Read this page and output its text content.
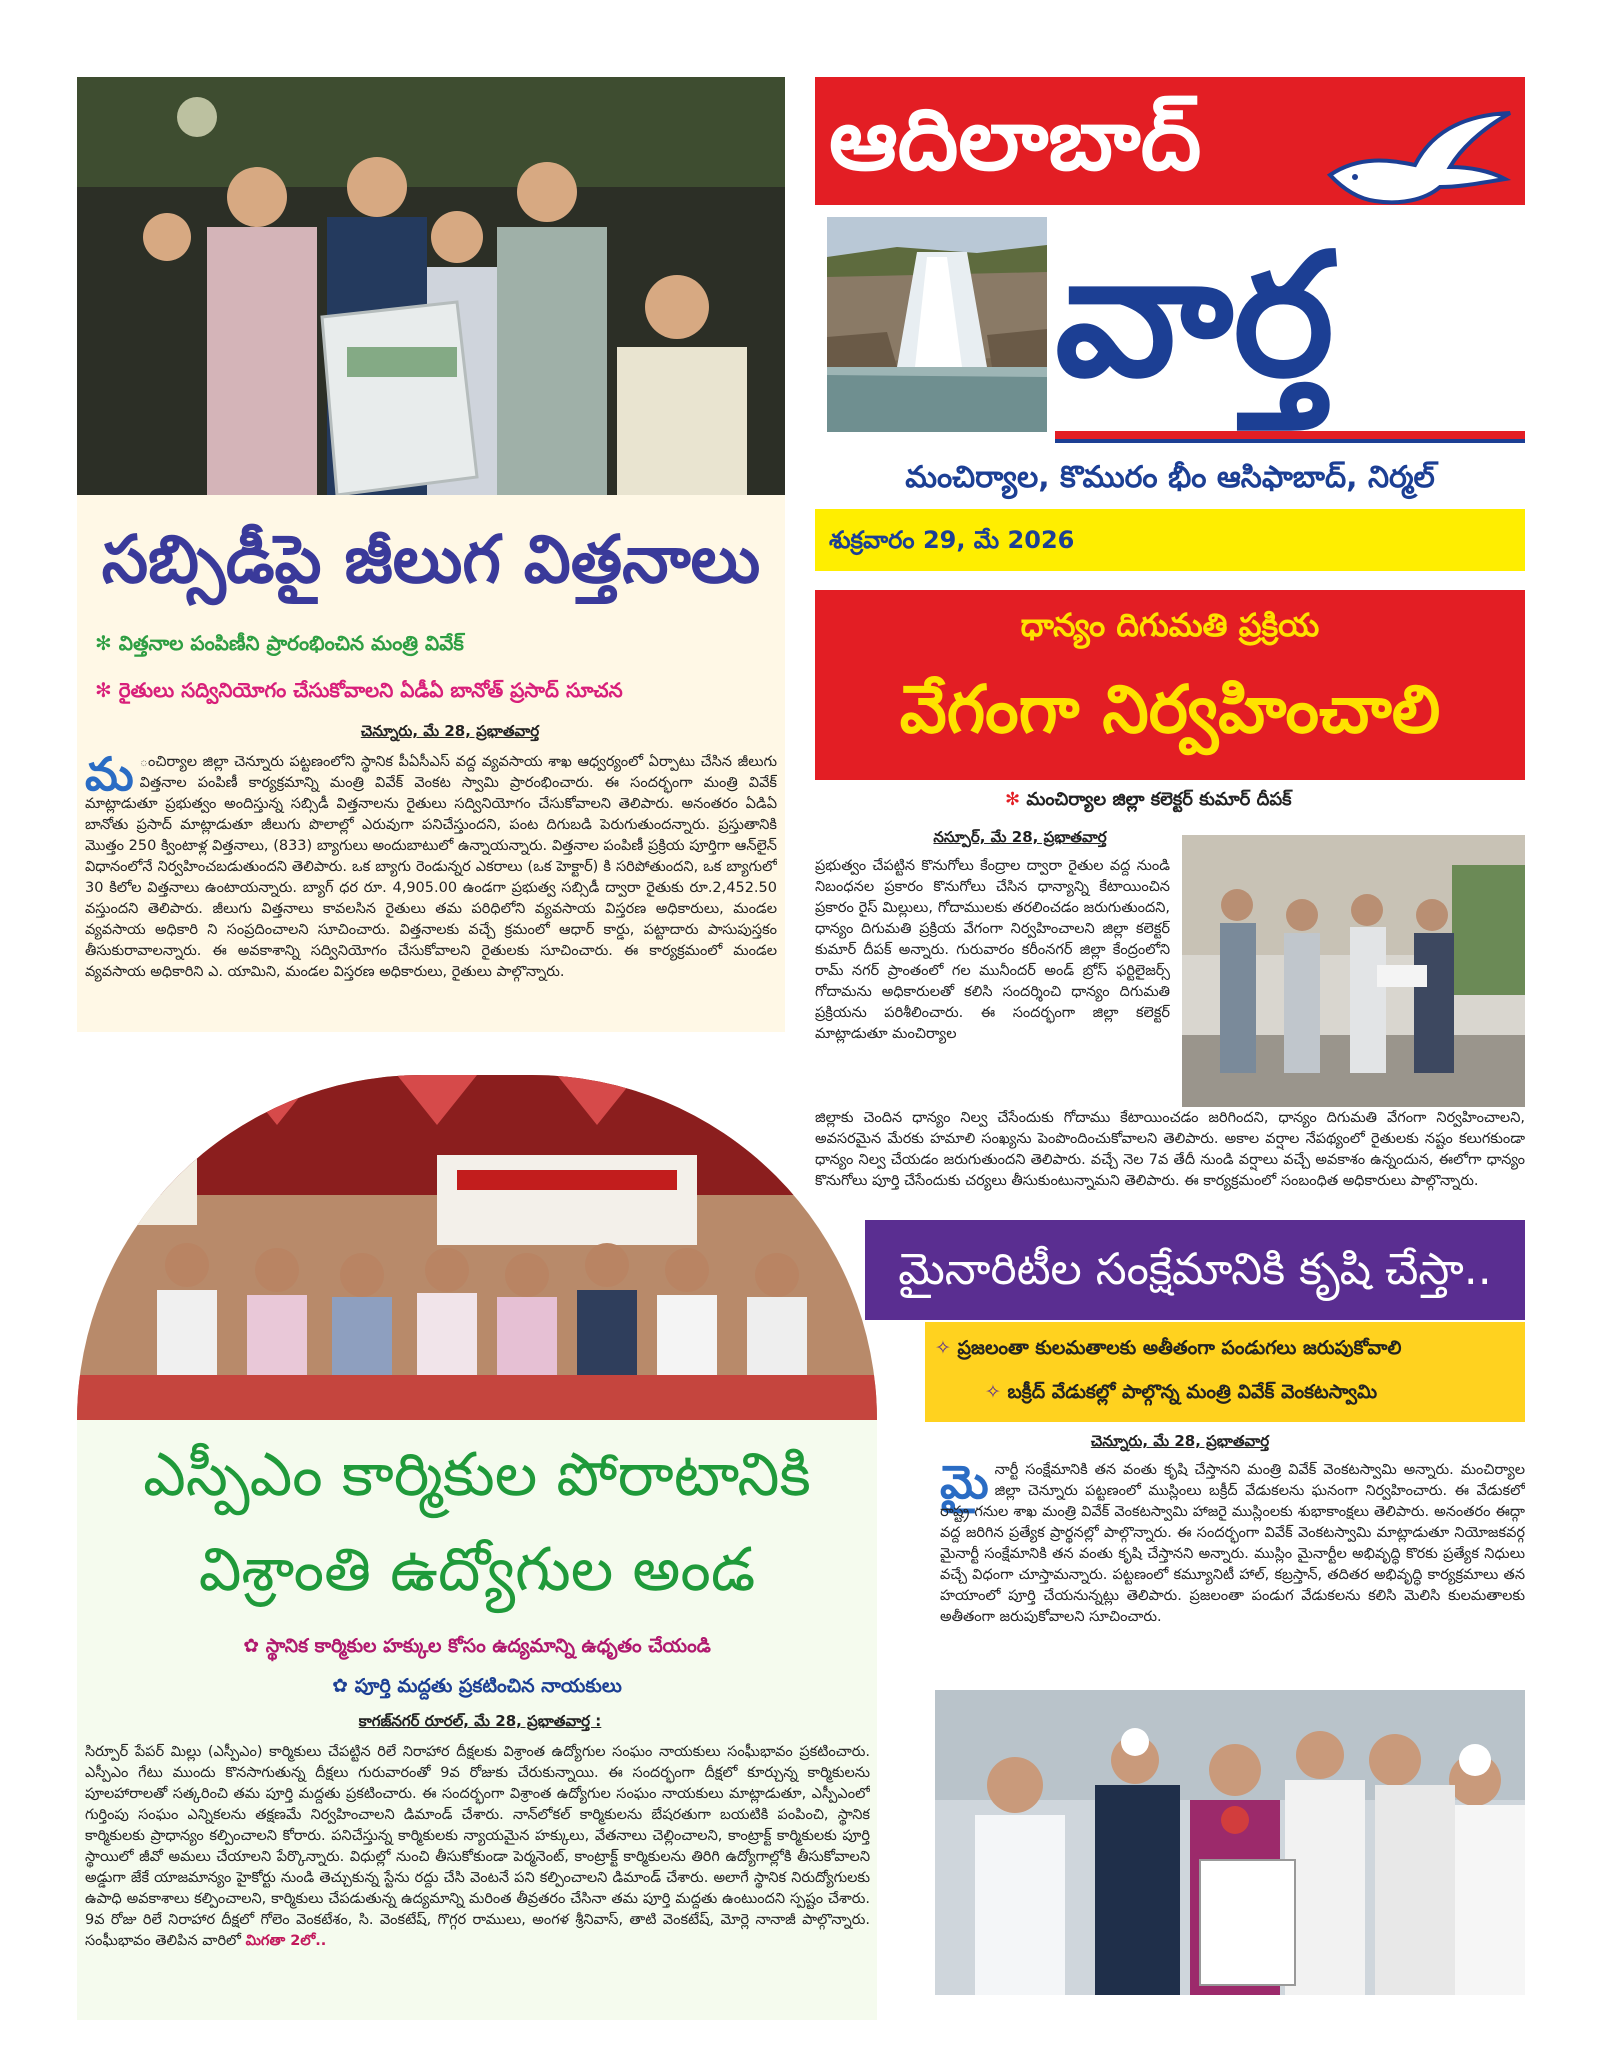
ఆదిలాబాద్
వార్త
మంచిర్యాల, కొమురం భీం ఆసిఫాబాద్, నిర్మల్
శుక్రవారం 29, మే 2026
సబ్సిడీపై జీలుగ విత్తనాలు
✻ విత్తనాల పంపిణీని ప్రారంభించిన మంత్రి వివేక్
✻ రైతులు సద్వినియోగం చేసుకోవాలని ఏడీఏ బానోత్ ప్రసాద్ సూచన
చెన్నూరు, మే 28, ప్రభాతవార్త

మ ంచిర్యాల జిల్లా చెన్నూరు పట్టణంలోని స్థానిక పీఏసీఎస్ వద్ద వ్యవసాయ శాఖ ఆధ్వర్యంలో ఏర్పాటు చేసిన జీలుగు విత్తనాల పంపిణీ కార్యక్రమాన్ని మంత్రి వివేక్ వెంకట స్వామి ప్రారంభించారు. ఈ సందర్భంగా మంత్రి వివేక్ మాట్లాడుతూ ప్రభుత్వం అందిస్తున్న సబ్సిడీ విత్తనాలను రైతులు సద్వినియోగం చేసుకోవాలని తెలిపారు. అనంతరం ఏడిఏ బానోతు ప్రసాద్ మాట్లాడుతూ జీలుగు పొలాల్లో ఎరువుగా పనిచేస్తుందని, పంట దిగుబడి పెరుగుతుందన్నారు. ప్రస్తుతానికి మొత్తం 250 క్వింటాళ్ల విత్తనాలు, (833) బ్యాగులు అందుబాటులో ఉన్నాయన్నారు. విత్తనాల పంపిణీ ప్రక్రియ పూర్తిగా ఆన్‌లైన్ విధానంలోనే నిర్వహించబడుతుందని తెలిపారు. ఒక బ్యాగు రెండున్నర ఎకరాలు (ఒక హెక్టార్) కి సరిపోతుందని, ఒక బ్యాగులో 30 కిలోల విత్తనాలు ఉంటాయన్నారు. బ్యాగ్ ధర రూ. 4,905.00 ఉండగా ప్రభుత్వ సబ్సిడీ ద్వారా రైతుకు రూ.2,452.50 వస్తుందని తెలిపారు. జీలుగు విత్తనాలు కావలసిన రైతులు తమ పరిధిలోని వ్యవసాయ విస్తరణ అధికారులు, మండల వ్యవసాయ అధికారి ని సంప్రదించాలని సూచించారు. విత్తనాలకు వచ్చే క్రమంలో ఆధార్ కార్డు, పట్టాదారు పాసుపుస్తకం తీసుకురావాలన్నారు. ఈ అవకాశాన్ని సద్వినియోగం చేసుకోవాలని రైతులకు సూచించారు. ఈ కార్యక్రమంలో మండల వ్యవసాయ అధికారిని ఎ. యామిని, మండల విస్తరణ అధికారులు, రైతులు పాల్గొన్నారు.

ధాన్యం దిగుమతి ప్రక్రియ
వేగంగా నిర్వహించాలి
✻ మంచిర్యాల జిల్లా కలెక్టర్ కుమార్ దీపక్
నస్పూర్, మే 28, ప్రభాతవార్త

ప్రభుత్వం చేపట్టిన కొనుగోలు కేంద్రాల ద్వారా రైతుల వద్ద నుండి నిబంధనల ప్రకారం కొనుగోలు చేసిన ధాన్యాన్ని కేటాయించిన ప్రకారం రైస్ మిల్లులు, గోదాములకు తరలించడం జరుగుతుందని, ధాన్యం దిగుమతి ప్రక్రియ వేగంగా నిర్వహించాలని జిల్లా కలెక్టర్ కుమార్ దీపక్ అన్నారు. గురువారం కరీంనగర్ జిల్లా కేంద్రంలోని రామ్ నగర్ ప్రాంతంలో గల మునీందర్ అండ్ బ్రోస్ ఫర్టిలైజర్స్ గోదామను అధికారులతో కలిసి సందర్శించి ధాన్యం దిగుమతి ప్రక్రియను పరిశీలించారు. ఈ సందర్భంగా జిల్లా కలెక్టర్ మాట్లాడుతూ మంచిర్యాల

జిల్లాకు చెందిన ధాన్యం నిల్వ చేసేందుకు గోదాము కేటాయించడం జరిగిందని, ధాన్యం దిగుమతి వేగంగా నిర్వహించాలని, అవసరమైన మేరకు హమాలి సంఖ్యను పెంపొందించుకోవాలని తెలిపారు. అకాల వర్షాల నేపథ్యంలో రైతులకు నష్టం కలుగకుండా ధాన్యం నిల్వ చేయడం జరుగుతుందని తెలిపారు. వచ్చే నెల 7వ తేదీ నుండి వర్షాలు వచ్చే అవకాశం ఉన్నందున, ఈలోగా ధాన్యం కొనుగోలు పూర్తి చేసేందుకు చర్యలు తీసుకుంటున్నామని తెలిపారు. ఈ కార్యక్రమంలో సంబంధిత అధికారులు పాల్గొన్నారు.

మైనారిటీల సంక్షేమానికి కృషి చేస్తా..
✧ ప్రజలంతా కులమతాలకు అతీతంగా పండుగలు జరుపుకోవాలి
✧ బక్రీద్ వేడుకల్లో పాల్గొన్న మంత్రి వివేక్ వెంకటస్వామి
చెన్నూరు, మే 28, ప్రభాతవార్త

మైనార్టీ సంక్షేమానికి తన వంతు కృషి చేస్తానని మంత్రి వివేక్ వెంకటస్వామి అన్నారు. మంచిర్యాల జిల్లా చెన్నూరు పట్టణంలో ముస్లింలు బక్రీద్ వేడుకలను ఘనంగా నిర్వహించారు. ఈ వేడుకలో రాష్ట్ర గనుల శాఖ మంత్రి వివేక్ వెంకటస్వామి హాజరై ముస్లింలకు శుభాకాంక్షలు తెలిపారు. అనంతరం ఈద్గా వద్ద జరిగిన ప్రత్యేక ప్రార్థనల్లో పాల్గొన్నారు. ఈ సందర్భంగా వివేక్ వెంకటస్వామి మాట్లాడుతూ నియోజకవర్గ మైనార్టీ సంక్షేమానికి తన వంతు కృషి చేస్తానని అన్నారు. ముస్లిం మైనార్టీల అభివృద్ధి కొరకు ప్రత్యేక నిధులు వచ్చే విధంగా చూస్తామన్నారు. పట్టణంలో కమ్యూనిటీ హాల్, కబ్రస్తాన్, తదితర అభివృద్ధి కార్యక్రమాలు తన హయాంలో పూర్తి చేయనున్నట్లు తెలిపారు. ప్రజలంతా పండుగ వేడుకలను కలిసి మెలిసి కులమతాలకు అతీతంగా జరుపుకోవాలని సూచించారు.

ఎస్పీఎం కార్మికుల పోరాటానికి
విశ్రాంతి ఉద్యోగుల అండ
✿ స్థానిక కార్మికుల హక్కుల కోసం ఉద్యమాన్ని ఉధృతం చేయండి
✿ పూర్తి మద్దతు ప్రకటించిన నాయకులు
కాగజ్‌నగర్ రూరల్, మే 28, ప్రభాతవార్త :

సిర్పూర్ పేపర్ మిల్లు (ఎస్పీఎం) కార్మికులు చేపట్టిన రిలే నిరాహార దీక్షలకు విశ్రాంత ఉద్యోగుల సంఘం నాయకులు సంఘీభావం ప్రకటించారు. ఎస్పీఎం గేటు ముందు కొనసాగుతున్న దీక్షలు గురువారంతో 9వ రోజుకు చేరుకున్నాయి. ఈ సందర్భంగా దీక్షలో కూర్చున్న కార్మికులను పూలహారాలతో సత్కరించి తమ పూర్తి మద్దతు ప్రకటించారు. ఈ సందర్భంగా విశ్రాంత ఉద్యోగుల సంఘం నాయకులు మాట్లాడుతూ, ఎస్పీఎంలో గుర్తింపు సంఘం ఎన్నికలను తక్షణమే నిర్వహించాలని డిమాండ్ చేశారు. నాన్‌లోకల్ కార్మికులను బేషరతుగా బయటికి పంపించి, స్థానిక కార్మికులకు ప్రాధాన్యం కల్పించాలని కోరారు. పనిచేస్తున్న కార్మికులకు న్యాయమైన హక్కులు, వేతనాలు చెల్లించాలని, కాంట్రాక్ట్ కార్మికులకు పూర్తి స్థాయిలో జీవో అమలు చేయాలని పేర్కొన్నారు. విధుల్లో నుంచి తీసుకోకుండా పెర్మనెంట్, కాంట్రాక్ట్ కార్మికులను తిరిగి ఉద్యోగాల్లోకి తీసుకోవాలని అడ్డుగా జేకే యాజమాన్యం హైకోర్టు నుండి తెచ్చుకున్న స్టేను రద్దు చేసి వెంటనే పని కల్పించాలని డిమాండ్ చేశారు. అలాగే స్థానిక నిరుద్యోగులకు ఉపాధి అవకాశాలు కల్పించాలని, కార్మికులు చేపడుతున్న ఉద్యమాన్ని మరింత తీవ్రతరం చేసినా తమ పూర్తి మద్దతు ఉంటుందని స్పష్టం చేశారు. 9వ రోజు రిలే నిరాహార దీక్షలో గోలెం వెంకటేశం, సి. వెంకటేష్, గొగ్గర రాములు, అంగళ శ్రీనివాస్, తాటి వెంకటేష్, మోర్లె నానాజీ పాల్గొన్నారు. సంఘీభావం తెలిపిన వారిలో మిగతా 2లో..
